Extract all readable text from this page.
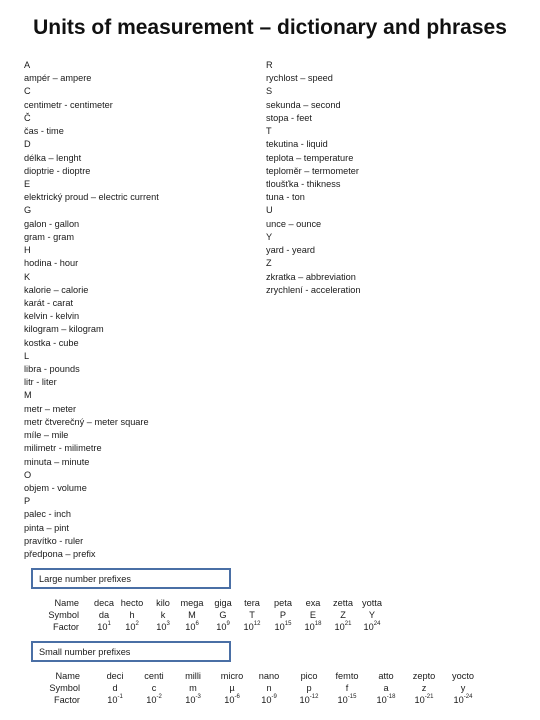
Units of measurement – dictionary and phrases
A
ampér – ampere
C
centimetr - centimeter
Č
čas - time
D
délka – lenght
dioptrie - dioptre
E
elektrický proud – electric current
G
galon - gallon
gram - gram
H
hodina - hour
K
kalorie – calorie
karát - carat
kelvin - kelvin
kilogram – kilogram
kostka - cube
L
libra - pounds
litr - liter
M
metr – meter
metr čtverečný – meter square
míle – mile
milimetr - milimetre
minuta – minute
O
objem - volume
P
palec - inch
pinta – pint
pravítko - ruler
předpona – prefix
R
rychlost – speed
S
sekunda – second
stopa - feet
T
tekutina - liquid
teplota – temperature
teploměr – termometer
tloušťka - thikness
tuna - ton
U
unce – ounce
Y
yard - yeard
Z
zkratka – abbreviation
zrychlení - acceleration
Large number prefixes
Name deca hecto kilo mega giga tera peta exa zetta yotta
Symbol da h	k M	G T	P	E	Z	Y
Factor $10^1$ $10^2$ $10^3$ $10^6$ $10^9$ $10^{12}$ $10^{15}$ $10^{18}$ $10^{21}$ $10^{24}$
Small number prefixes
Name	deci centi milli micro nano pico femto atto zepto yocto
Symbol	d	c	m	µ	n	p	f	a	z	y
Factor	$10^{-1}$	$10^{-2}$	$10^{-3}$	$10^{-6}$ $10^{-9}$ $10^{-12}$ $10^{-15}$ $10^{-18}$ $10^{-21}$ $10^{-24}$
